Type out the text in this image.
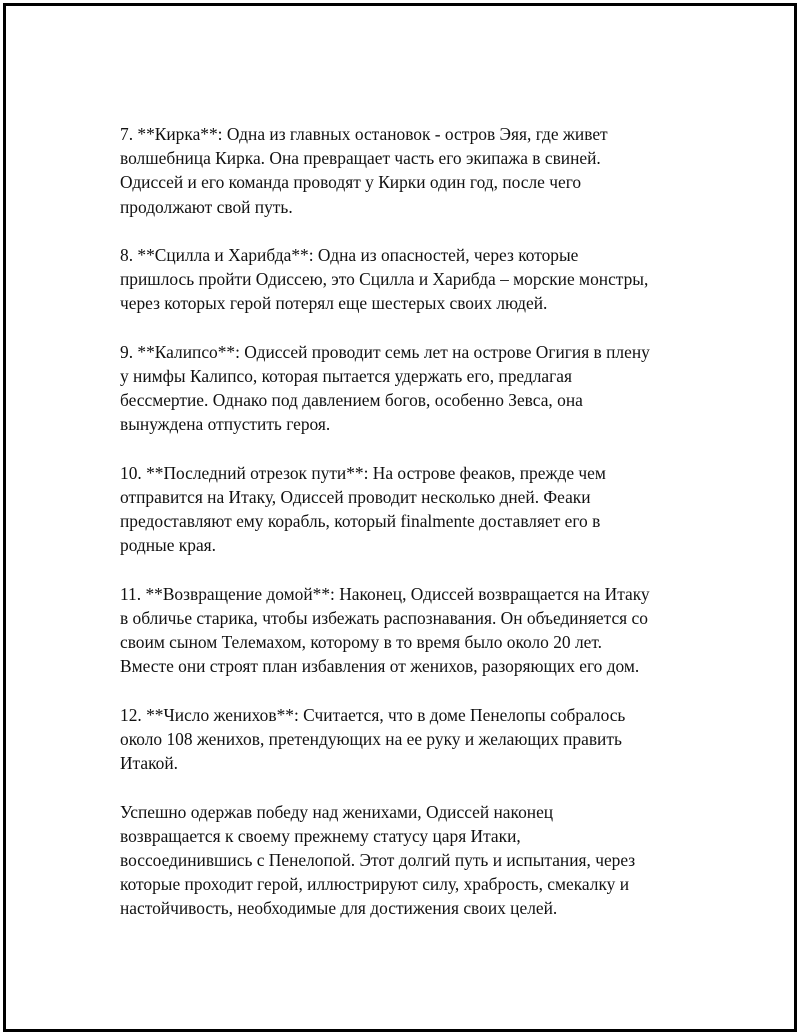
7. **Кирка**: Одна из главных остановок - остров Эяя, где живет
волшебница Кирка. Она превращает часть его экипажа в свиней.
Одиссей и его команда проводят у Кирки один год, после чего
продолжают свой путь.

8. **Сцилла и Харибда**: Одна из опасностей, через которые
пришлось пройти Одиссею, это Сцилла и Харибда – морские монстры,
через которых герой потерял еще шестерых своих людей.

9. **Калипсо**: Одиссей проводит семь лет на острове Огигия в плену
у нимфы Калипсо, которая пытается удержать его, предлагая
бессмертие. Однако под давлением богов, особенно Зевса, она
вынуждена отпустить героя.

10. **Последний отрезок пути**: На острове феаков, прежде чем
отправится на Итаку, Одиссей проводит несколько дней. Феаки
предоставляют ему корабль, который finalmente доставляет его в
родные края.

11. **Возвращение домой**: Наконец, Одиссей возвращается на Итаку
в обличье старика, чтобы избежать распознавания. Он объединяется со
своим сыном Телемахом, которому в то время было около 20 лет.
Вместе они строят план избавления от женихов, разоряющих его дом.

12. **Число женихов**: Считается, что в доме Пенелопы собралось
около 108 женихов, претендующих на ее руку и желающих править
Итакой.

Успешно одержав победу над женихами, Одиссей наконец
возвращается к своему прежнему статусу царя Итаки,
воссоединившись с Пенелопой. Этот долгий путь и испытания, через
которые проходит герой, иллюстрируют силу, храбрость, смекалку и
настойчивость, необходимые для достижения своих целей.
